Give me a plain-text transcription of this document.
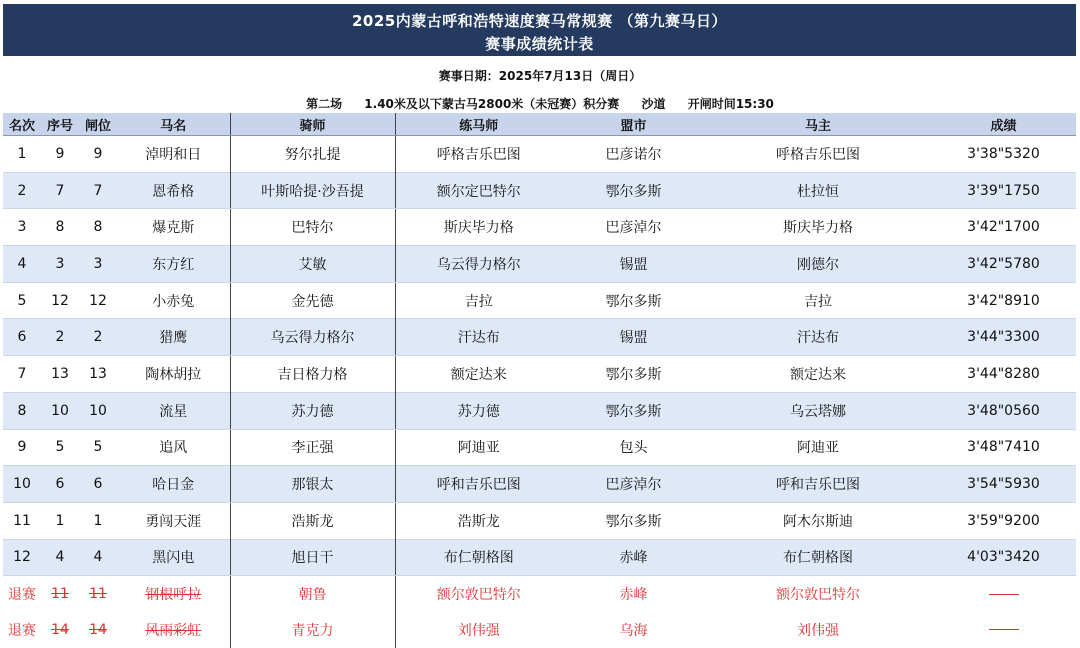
2025内蒙古呼和浩特速度赛马常规赛 （第九赛马日）
赛事成绩统计表
赛事日期：2025年7月13日（周日）
第二场 1.40米及以下蒙古马2800米（未冠赛）积分赛 沙道 开闸时间15:30
名次	序号	闸位	马名	骑师	练马师	盟市	马主	成绩
1	9	9	淖明和日	努尔扎提	呼格吉乐巴图	巴彦诺尔	呼格吉乐巴图	3'38"5320
2	7	7	恩希格	叶斯哈提·沙吾提	额尔定巴特尔	鄂尔多斯	杜拉恒	3'39"1750
3	8	8	爆克斯	巴特尔	斯庆毕力格	巴彦淖尔	斯庆毕力格	3'42"1700
4	3	3	东方红	艾敏	乌云得力格尔	锡盟	刚德尔	3'42"5780
5	12	12	小赤兔	金先德	吉拉	鄂尔多斯	吉拉	3'42"8910
6	2	2	猎鹰	乌云得力格尔	汗达布	锡盟	汗达布	3'44"3300
7	13	13	陶林胡拉	吉日格力格	额定达来	鄂尔多斯	额定达来	3'44"8280
8	10	10	流星	苏力德	苏力德	鄂尔多斯	乌云塔娜	3'48"0560
9	5	5	追风	李正强	阿迪亚	包头	阿迪亚	3'48"7410
10	6	6	哈日金	那银太	呼和吉乐巴图	巴彦淖尔	呼和吉乐巴图	3'54"5930
11	1	1	勇闯天涯	浩斯龙	浩斯龙	鄂尔多斯	阿木尔斯迪	3'59"9200
12	4	4	黑闪电	旭日干	布仁朝格图	赤峰	布仁朝格图	4'03"3420
退赛	11	11	钢根呼拉	朝鲁	额尔敦巴特尔	赤峰	额尔敦巴特尔	
退赛	14	14	风雨彩虹	青克力	刘伟强	乌海	刘伟强	
